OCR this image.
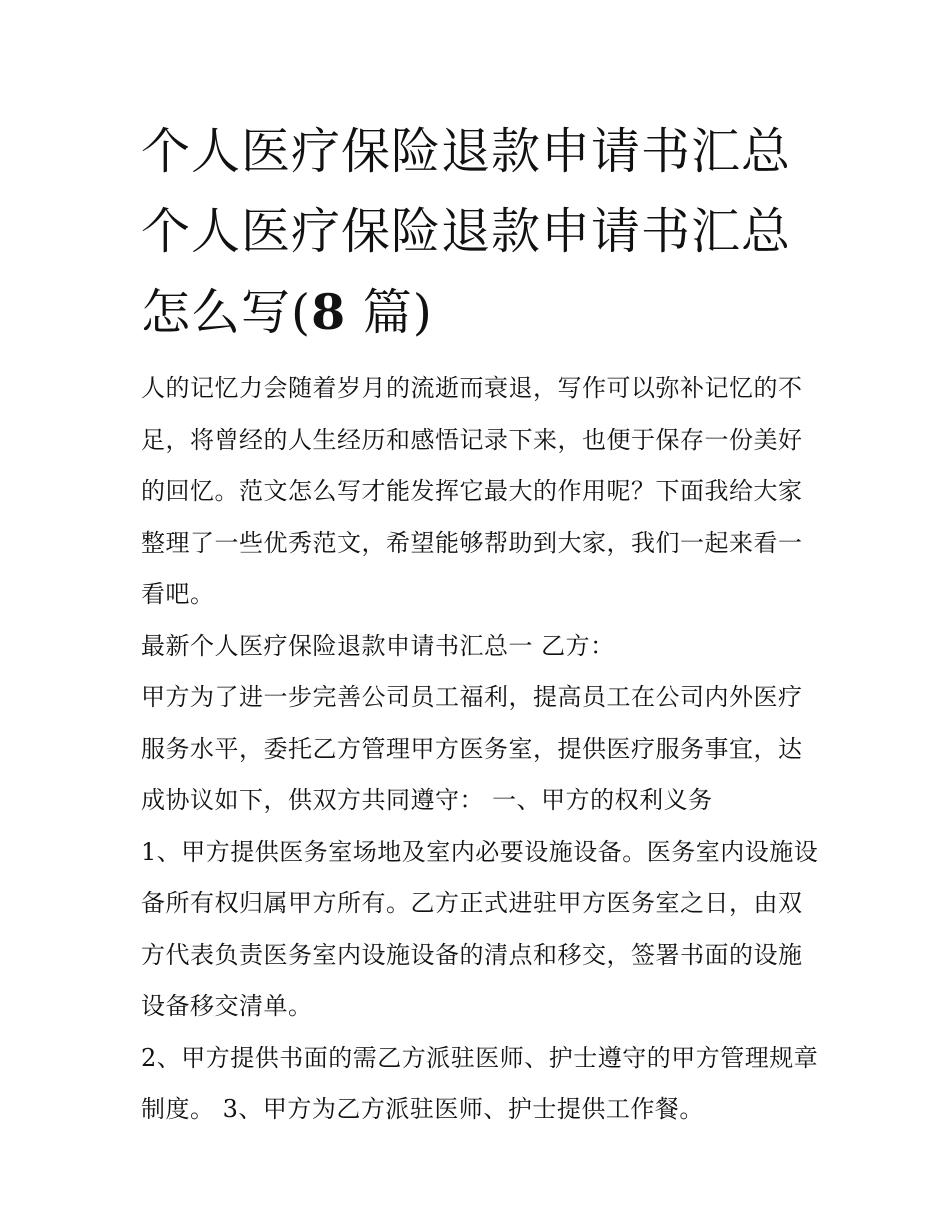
个人医疗保险退款申请书汇总个人医疗保险退款申请书汇总怎么写(8 篇)

人的记忆力会随着岁月的流逝而衰退，写作可以弥补记忆的不足，将曾经的人生经历和感悟记录下来，也便于保存一份美好的回忆。范文怎么写才能发挥它最大的作用呢？下面我给大家整理了一些优秀范文，希望能够帮助到大家，我们一起来看一看吧。

最新个人医疗保险退款申请书汇总一 乙方：

甲方为了进一步完善公司员工福利，提高员工在公司内外医疗服务水平，委托乙方管理甲方医务室，提供医疗服务事宜，达成协议如下，供双方共同遵守： 一、甲方的权利义务

1、甲方提供医务室场地及室内必要设施设备。医务室内设施设备所有权归属甲方所有。乙方正式进驻甲方医务室之日，由双方代表负责医务室内设施设备的清点和移交，签署书面的设施设备移交清单。

2、甲方提供书面的需乙方派驻医师、护士遵守的甲方管理规章制度。 3、甲方为乙方派驻医师、护士提供工作餐。
